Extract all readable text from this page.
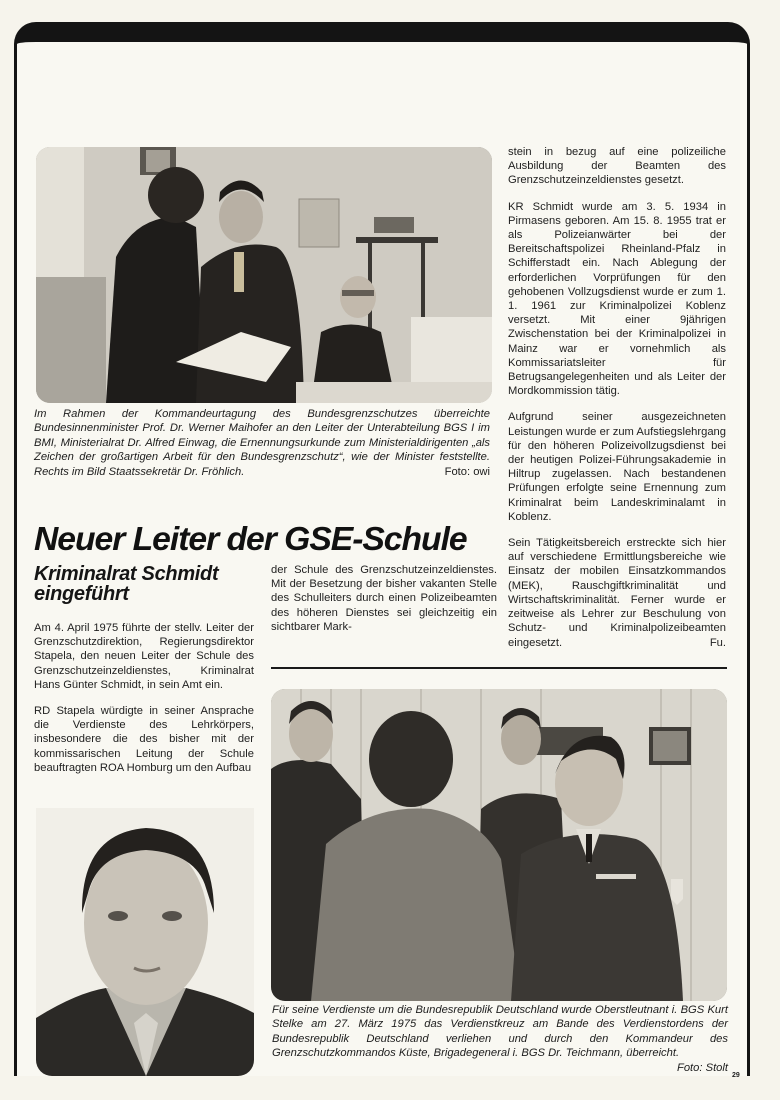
Im Rahmen der Kommandeurtagung des Bundesgrenzschutzes überreichte Bundesinnenminister Prof. Dr. Werner Maihofer an den Leiter der Unterabteilung BGS I im BMI, Ministerialrat Dr. Alfred Einwag, die Ernennungsurkunde zum Ministerialdirigenten „als Zeichen der großartigen Arbeit für den Bundesgrenzschutz“, wie der Minister feststellte. Rechts im Bild Staatssekretär Dr. Fröhlich.	Foto: owi

stein in bezug auf eine polizeiliche Ausbildung der Beamten des Grenzschutzeinzeldienstes gesetzt.

KR Schmidt wurde am 3. 5. 1934 in Pirmasens geboren. Am 15. 8. 1955 trat er als Polizeianwärter bei der Bereitschaftspolizei Rheinland-Pfalz in Schifferstadt ein. Nach Ablegung der erforderlichen Vorprüfungen für den gehobenen Vollzugsdienst wurde er zum 1. 1. 1961 zur Kriminalpolizei Koblenz versetzt. Mit einer 9jährigen Zwischenstation bei der Kriminalpolizei in Mainz war er vornehmlich als Kommissariatsleiter für Betrugsangelegenheiten und als Leiter der Mordkommission tätig.

Aufgrund seiner ausgezeichneten Leistungen wurde er zum Aufstiegslehrgang für den höheren Polizeivollzugsdienst bei der heutigen Polizei-Führungsakademie in Hiltrup zugelassen. Nach bestandenen Prüfungen erfolgte seine Ernennung zum Kriminalrat beim Landeskriminalamt in Koblenz.

Sein Tätigkeitsbereich erstreckte sich hier auf verschiedene Ermittlungsbereiche wie Einsatz der mobilen Einsatzkommandos (MEK), Rauschgiftkriminalität und Wirtschaftskriminalität. Ferner wurde er zeitweise als Lehrer zur Beschulung von Schutz- und Kriminalpolizeibeamten eingesetzt.	Fu.

Neuer Leiter der GSE-Schule
Kriminalrat Schmidt eingeführt

Am 4. April 1975 führte der stellv. Leiter der Grenzschutzdirektion, Regierungsdirektor Stapela, den neuen Leiter der Schule des Grenzschutzeinzeldienstes, Kriminalrat Hans Günter Schmidt, in sein Amt ein.

RD Stapela würdigte in seiner Ansprache die Verdienste des Lehrkörpers, insbesondere die des bisher mit der kommissarischen Leitung der Schule beauftragten ROA Homburg um den Aufbau

der Schule des Grenzschutzeinzeldienstes. Mit der Besetzung der bisher vakanten Stelle des Schulleiters durch einen Polizeibeamten des höheren Dienstes sei gleichzeitig ein sichtbarer Mark-

Für seine Verdienste um die Bundesrepublik Deutschland wurde Oberstleutnant i. BGS Kurt Stelke am 27. März 1975 das Verdienstkreuz am Bande des Verdienstordens der Bundesrepublik Deutschland verliehen und durch den Kommandeur des Grenzschutzkommandos Küste, Brigadegeneral i. BGS Dr. Teichmann, überreicht.
Foto: Stolt
29
